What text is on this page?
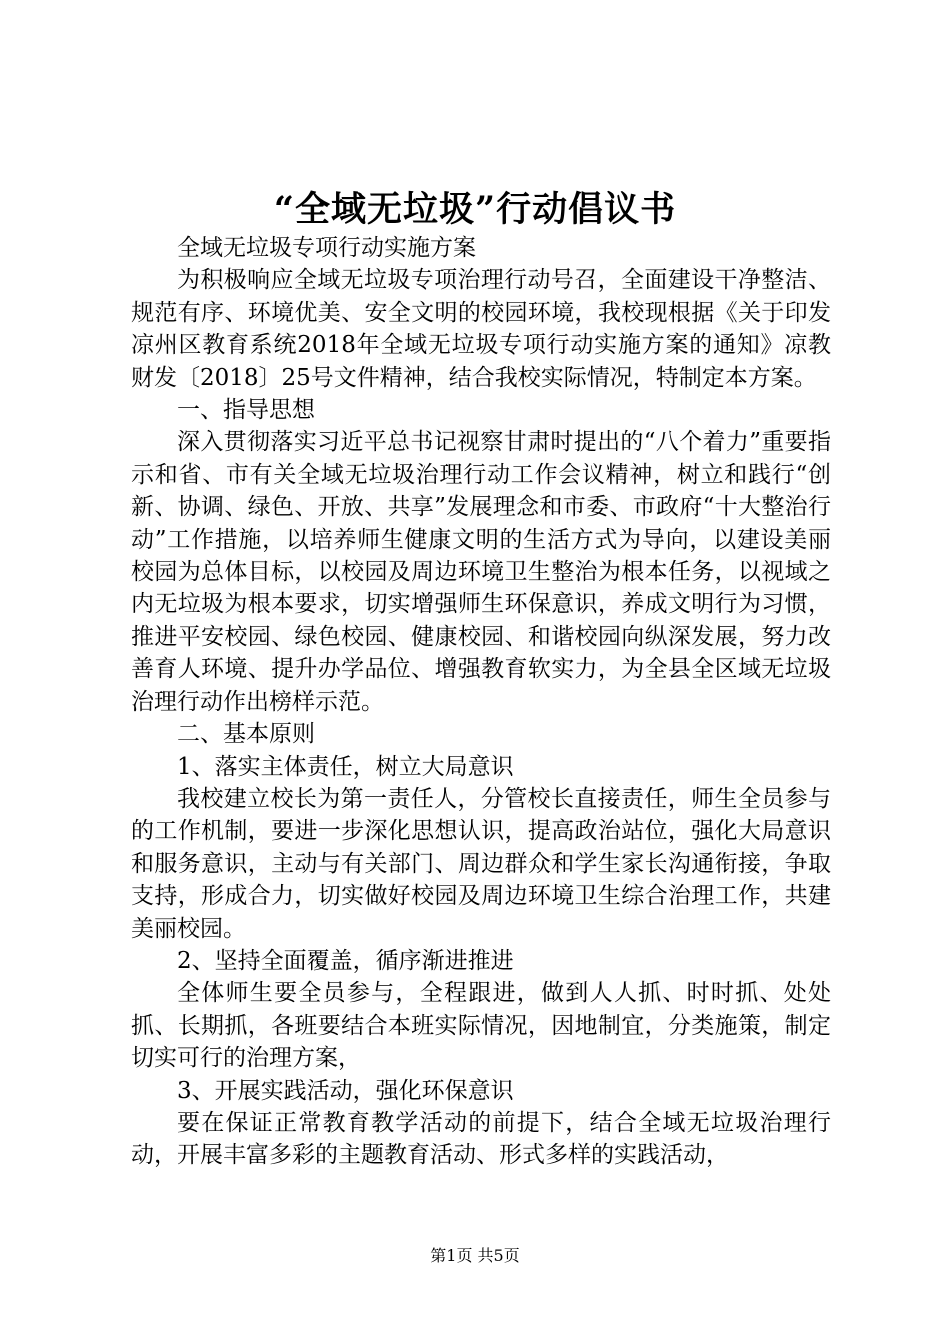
“全域无垃圾”行动倡议书

全域无垃圾专项行动实施方案

为积极响应全域无垃圾专项治理行动号召，全面建设干净整洁、规范有序、环境优美、安全文明的校园环境，我校现根据《关于印发凉州区教育系统2018年全域无垃圾专项行动实施方案的通知》凉教财发〔2018〕25号文件精神，结合我校实际情况，特制定本方案。

一、指导思想

深入贯彻落实习近平总书记视察甘肃时提出的“八个着力”重要指示和省、市有关全域无垃圾治理行动工作会议精神，树立和践行“创新、协调、绿色、开放、共享”发展理念和市委、市政府“十大整治行动”工作措施，以培养师生健康文明的生活方式为导向，以建设美丽校园为总体目标，以校园及周边环境卫生整治为根本任务，以视域之内无垃圾为根本要求，切实增强师生环保意识，养成文明行为习惯，推进平安校园、绿色校园、健康校园、和谐校园向纵深发展，努力改善育人环境、提升办学品位、增强教育软实力，为全县全区域无垃圾治理行动作出榜样示范。

二、基本原则

1、落实主体责任，树立大局意识

我校建立校长为第一责任人，分管校长直接责任，师生全员参与的工作机制，要进一步深化思想认识，提高政治站位，强化大局意识和服务意识，主动与有关部门、周边群众和学生家长沟通衔接，争取支持，形成合力，切实做好校园及周边环境卫生综合治理工作，共建美丽校园。

2、坚持全面覆盖，循序渐进推进

全体师生要全员参与，全程跟进，做到人人抓、时时抓、处处抓、长期抓，各班要结合本班实际情况，因地制宜，分类施策，制定切实可行的治理方案，

3、开展实践活动，强化环保意识

要在保证正常教育教学活动的前提下，结合全域无垃圾治理行动，开展丰富多彩的主题教育活动、形式多样的实践活动，

第1页 共5页
